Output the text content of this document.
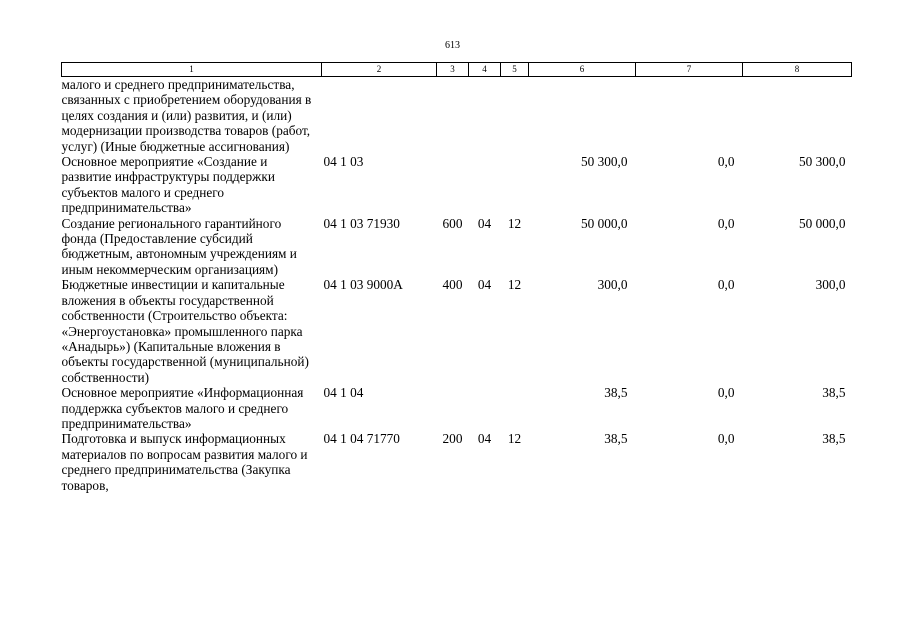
613
1	2	3	4	5	6	7	8
малого и среднего предпринимательства, связанных с приобретением оборудования в целях создания и (или) развития, и (или) модернизации производства товаров (работ, услуг) (Иные бюджетные ассигнования)							
Основное мероприятие «Создание и развитие инфраструктуры поддержки субъектов малого и среднего предпринимательства»	04 1 03				50 300,0	0,0	50 300,0
Создание регионального гарантийного фонда (Предоставление субсидий бюджетным, автономным учреждениям и иным некоммерческим организациям)	04 1 03 71930	600	04	12	50 000,0	0,0	50 000,0
Бюджетные инвестиции и капитальные вложения в объекты государственной собственности (Строительство объекта: «Энергоустановка» промышленного парка «Анадырь») (Капитальные вложения в объекты государственной (муниципальной) собственности)	04 1 03 9000А	400	04	12	300,0	0,0	300,0
Основное мероприятие «Информационная поддержка субъектов малого и среднего предпринимательства»	04 1 04				38,5	0,0	38,5
Подготовка и выпуск информационных материалов по вопросам развития малого и среднего предпринимательства (Закупка товаров,	04 1 04 71770	200	04	12	38,5	0,0	38,5
